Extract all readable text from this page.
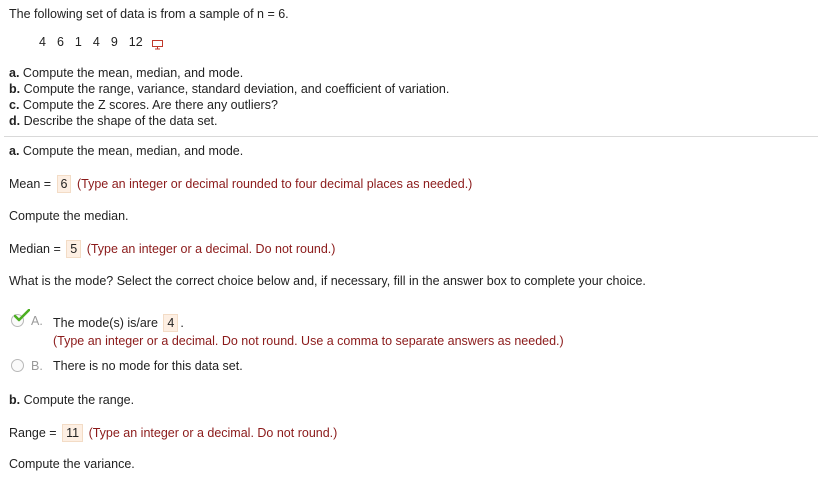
The following set of data is from a sample of n = 6.
4 6 1 4 9 12
a. Compute the mean, median, and mode.
b. Compute the range, variance, standard deviation, and coefficient of variation.
c. Compute the Z scores. Are there any outliers?
d. Describe the shape of the data set.
a. Compute the mean, median, and mode.
Mean = 6 (Type an integer or decimal rounded to four decimal places as needed.)
Compute the median.
Median = 5 (Type an integer or a decimal. Do not round.)
What is the mode? Select the correct choice below and, if necessary, fill in the answer box to complete your choice.
A. The mode(s) is/are 4 .
(Type an integer or a decimal. Do not round. Use a comma to separate answers as needed.)
B. There is no mode for this data set.
b. Compute the range.
Range = 11 (Type an integer or a decimal. Do not round.)
Compute the variance.
